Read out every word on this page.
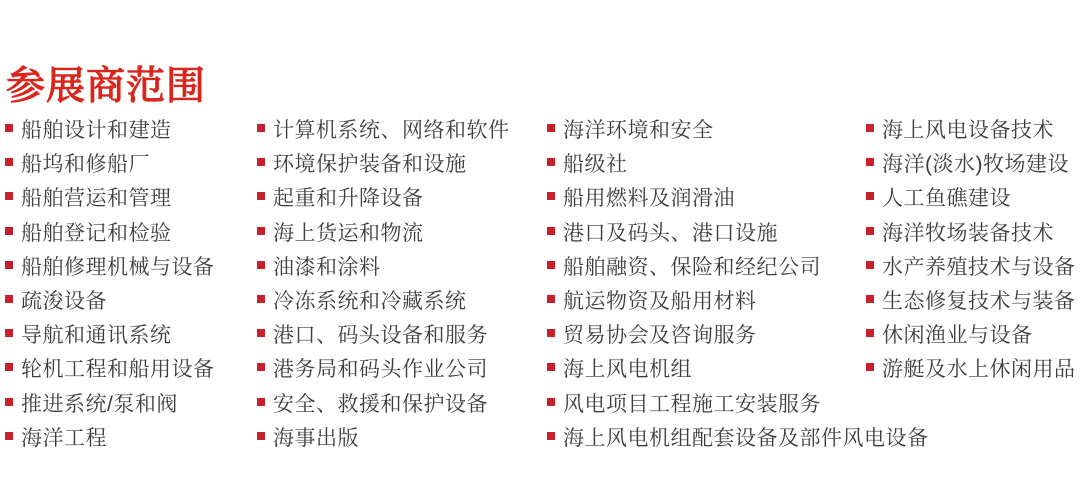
参展商范围
船舶设计和建造
船坞和修船厂
船舶营运和管理
船舶登记和检验
船舶修理机械与设备
疏浚设备
导航和通讯系统
轮机工程和船用设备
推进系统/泵和阀
海洋工程
计算机系统、网络和软件
环境保护装备和设施
起重和升降设备
海上货运和物流
油漆和涂料
冷冻系统和冷藏系统
港口、码头设备和服务
港务局和码头作业公司
安全、救援和保护设备
海事出版
海洋环境和安全
船级社
船用燃料及润滑油
港口及码头、港口设施
船舶融资、保险和经纪公司
航运物资及船用材料
贸易协会及咨询服务
海上风电机组
风电项目工程施工安装服务
海上风电机组配套设备及部件风电设备
海上风电设备技术
海洋(淡水)牧场建设
人工鱼礁建设
海洋牧场装备技术
水产养殖技术与设备
生态修复技术与装备
休闲渔业与设备
游艇及水上休闲用品
